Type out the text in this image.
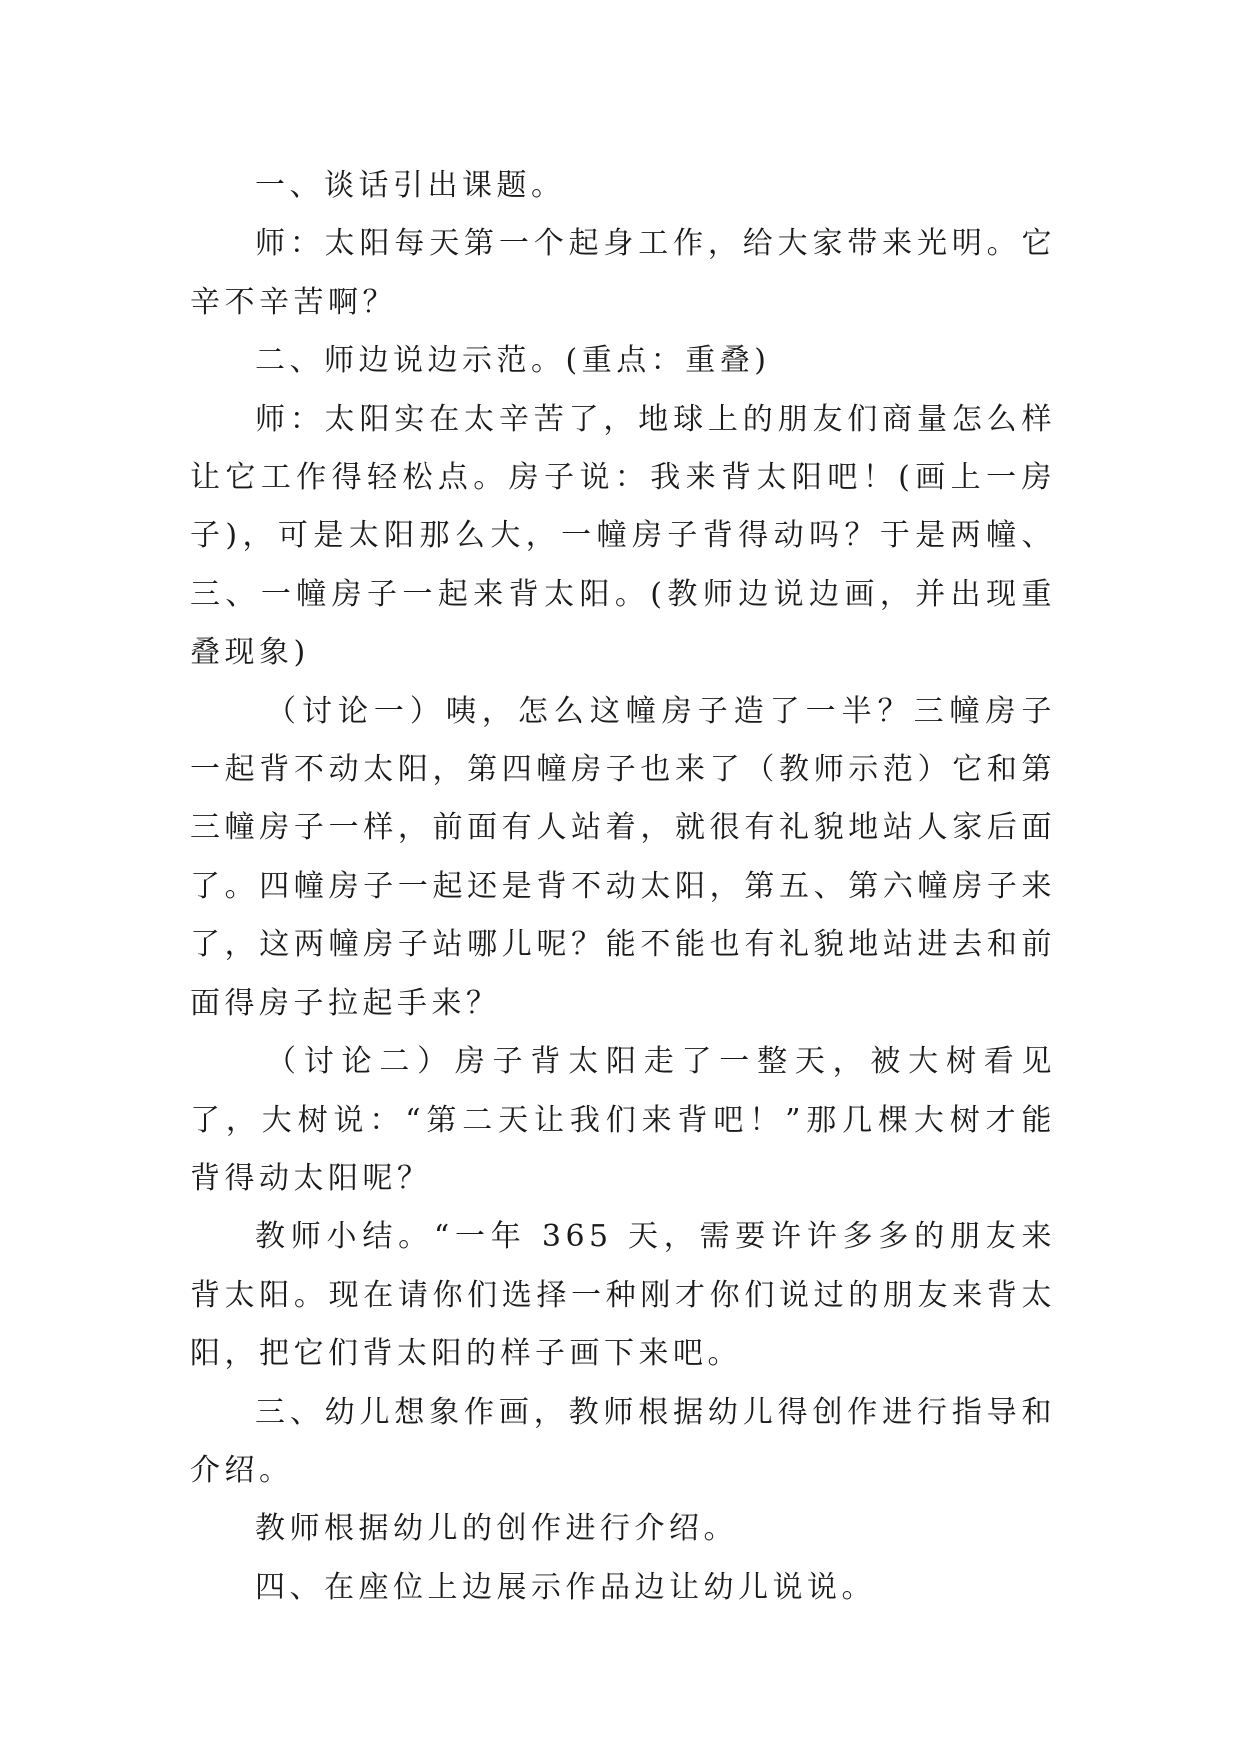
一、谈话引出课题。

师：太阳每天第一个起身工作，给大家带来光明。它辛不辛苦啊？

二、师边说边示范。(重点：重叠)

师：太阳实在太辛苦了，地球上的朋友们商量怎么样让它工作得轻松点。房子说：我来背太阳吧！(画上一房子)，可是太阳那么大，一幢房子背得动吗？于是两幢、三、一幢房子一起来背太阳。(教师边说边画，并出现重叠现象)

（讨论一）咦，怎么这幢房子造了一半？三幢房子一起背不动太阳，第四幢房子也来了（教师示范）它和第三幢房子一样，前面有人站着，就很有礼貌地站人家后面了。四幢房子一起还是背不动太阳，第五、第六幢房子来了，这两幢房子站哪儿呢？能不能也有礼貌地站进去和前面得房子拉起手来？

（讨论二）房子背太阳走了一整天，被大树看见了，大树说：“第二天让我们来背吧！”那几棵大树才能背得动太阳呢？

教师小结。“一年 365 天，需要许许多多的朋友来背太阳。现在请你们选择一种刚才你们说过的朋友来背太阳，把它们背太阳的样子画下来吧。

三、幼儿想象作画，教师根据幼儿得创作进行指导和介绍。

教师根据幼儿的创作进行介绍。

四、在座位上边展示作品边让幼儿说说。
